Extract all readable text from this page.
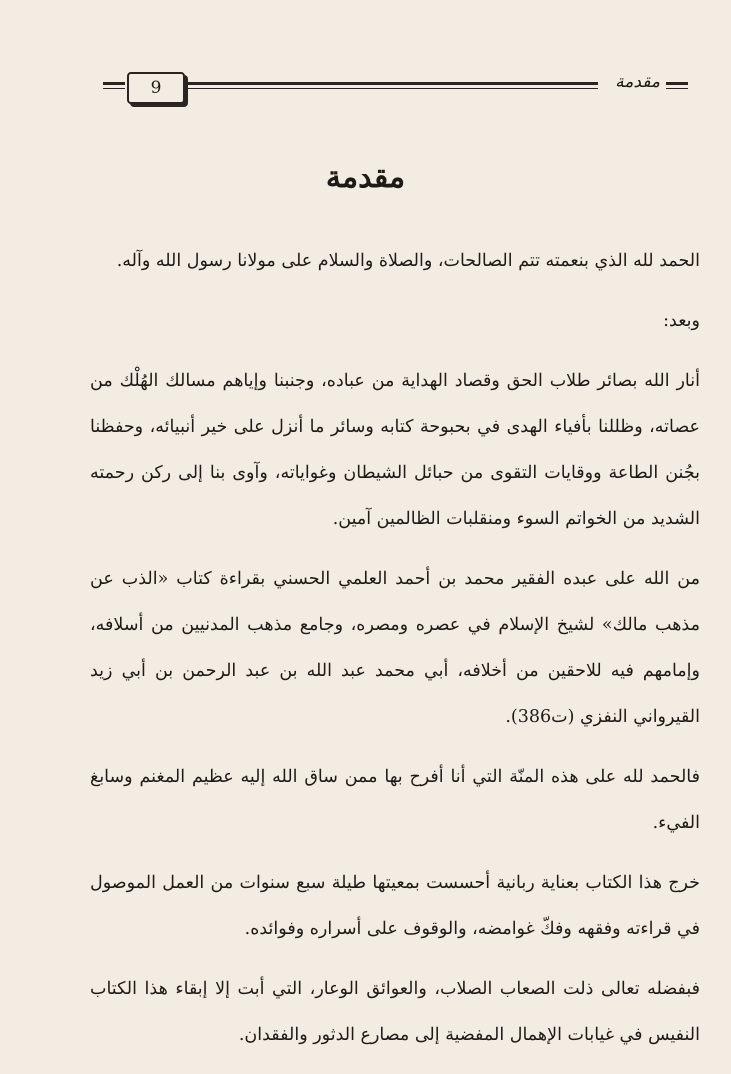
9	مقدمة
مقدمة

الحمد لله الذي بنعمته تتم الصالحات، والصلاة والسلام على مولانا رسول الله وآله.

وبعد:

أنار الله بصائر طلاب الحق وقصاد الهداية من عباده، وجنبنا وإياهم مسالك الهُلْك من عصاته، وظللنا بأفياء الهدى في بحبوحة كتابه وسائر ما أنزل على خير أنبيائه، وحفظنا بجُنن الطاعة ووقايات التقوى من حبائل الشيطان وغواياته، وآوى بنا إلى ركن رحمته الشديد من الخواتم السوء ومنقلبات الظالمين آمين.

من الله على عبده الفقير محمد بن أحمد العلمي الحسني بقراءة كتاب «الذب عن مذهب مالك» لشيخ الإسلام في عصره ومصره، وجامع مذهب المدنيين من أسلافه، وإمامهم فيه للاحقين من أخلافه، أبي محمد عبد الله بن عبد الرحمن بن أبي زيد القيرواني النفزي (ت386).

فالحمد لله على هذه المنّة التي أنا أفرح بها ممن ساق الله إليه عظيم المغنم وسابغ الفيء.

خرج هذا الكتاب بعناية ربانية أحسست بمعيتها طيلة سبع سنوات من العمل الموصول في قراءته وفقهه وفكّ غوامضه، والوقوف على أسراره وفوائده.

فبفضله تعالى ذلت الصعاب الصلاب، والعوائق الوعار، التي أبت إلا إبقاء هذا الكتاب النفيس في غيابات الإهمال المفضية إلى مصارع الدثور والفقدان.
